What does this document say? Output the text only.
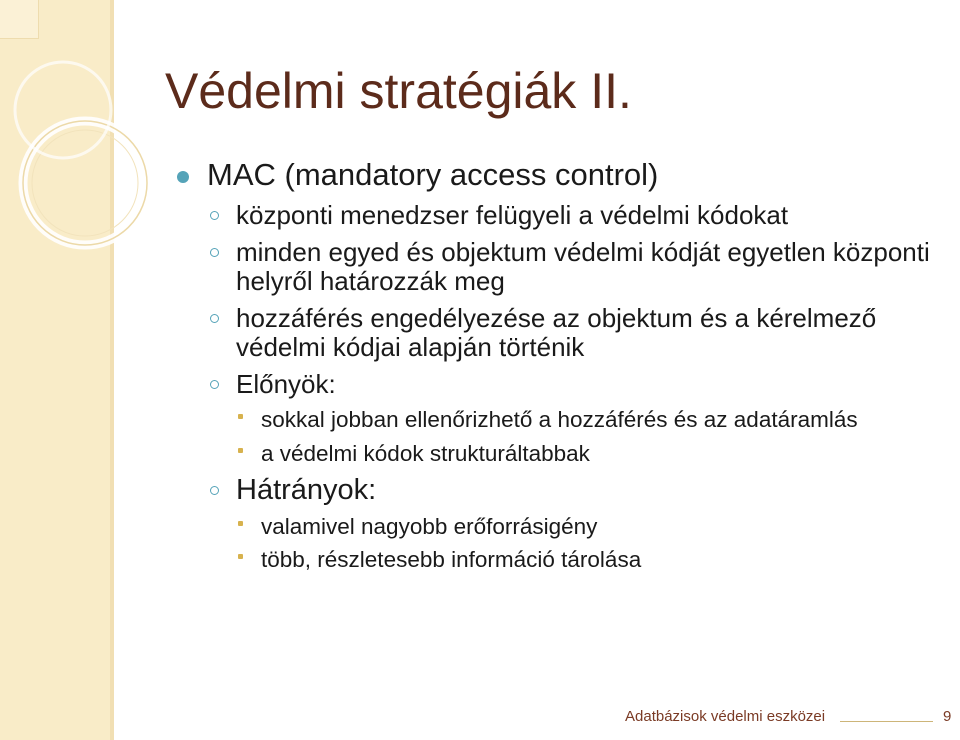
Védelmi stratégiák II.
MAC (mandatory access control)
központi menedzser felügyeli a védelmi kódokat
minden egyed és objektum védelmi kódját egyetlen központi helyről határozzák meg
hozzáférés engedélyezése az objektum és a kérelmező védelmi kódjai alapján történik
Előnyök:
sokkal jobban ellenőrizhető a hozzáférés és az adatáramlás
a védelmi kódok strukturáltabbak
Hátrányok:
valamivel nagyobb erőforrásigény
több, részletesebb információ tárolása
Adatbázisok védelmi eszközei	9
